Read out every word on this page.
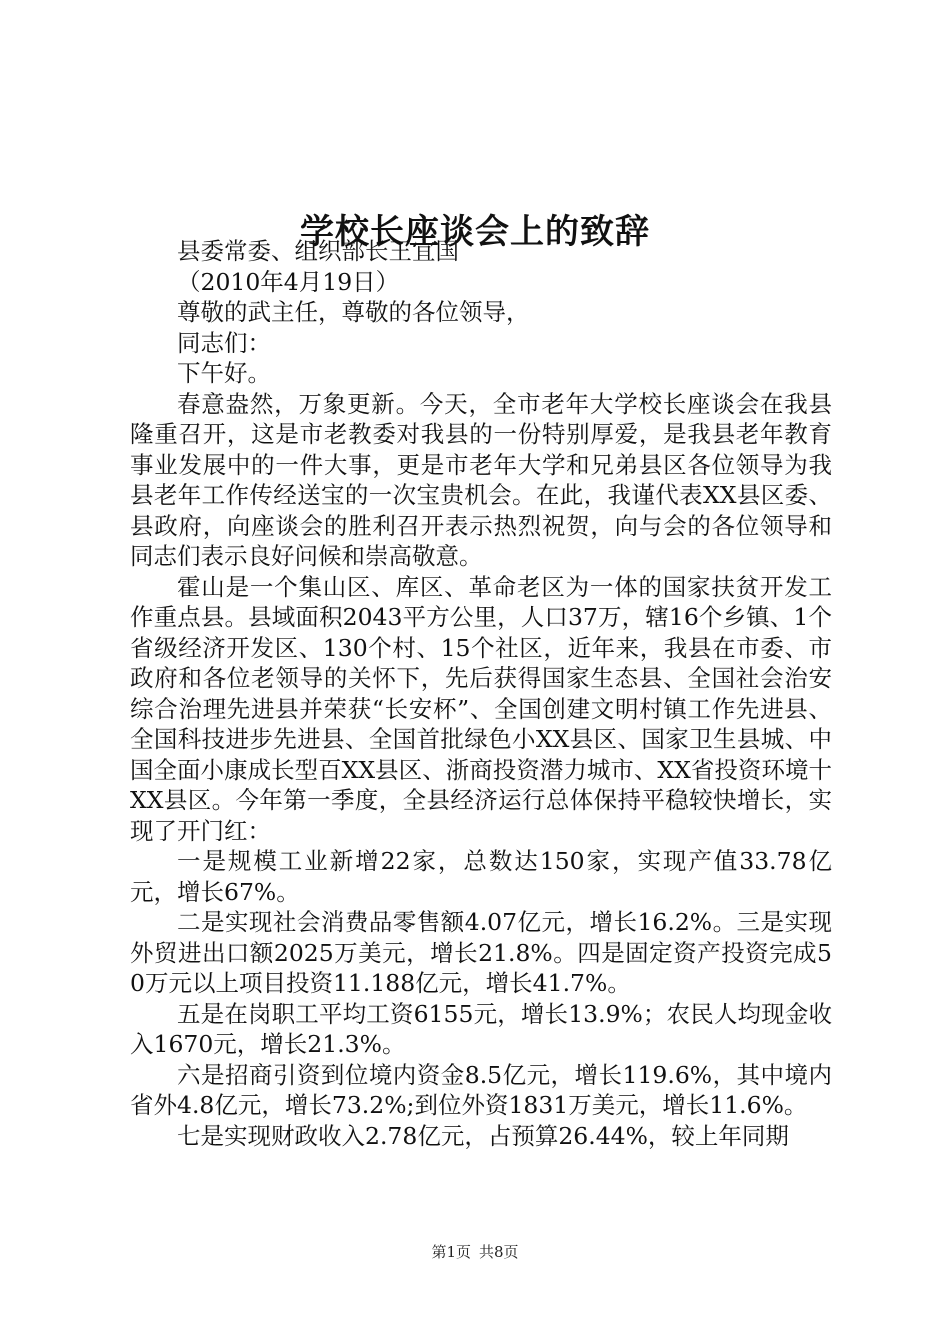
学校长座谈会上的致辞

县委常委、组织部长王宜国

（2010年4月19日）

尊敬的武主任，尊敬的各位领导，

同志们：

下午好。

春意盎然，万象更新。今天，全市老年大学校长座谈会在我县隆重召开，这是市老教委对我县的一份特别厚爱，是我县老年教育事业发展中的一件大事，更是市老年大学和兄弟县区各位领导为我县老年工作传经送宝的一次宝贵机会。在此，我谨代表XX县区委、县政府，向座谈会的胜利召开表示热烈祝贺，向与会的各位领导和同志们表示良好问候和崇高敬意。

霍山是一个集山区、库区、革命老区为一体的国家扶贫开发工作重点县。县域面积2043平方公里，人口37万，辖16个乡镇、1个省级经济开发区、130个村、15个社区，近年来，我县在市委、市政府和各位老领导的关怀下，先后获得国家生态县、全国社会治安综合治理先进县并荣获“长安杯”、全国创建文明村镇工作先进县、全国科技进步先进县、全国首批绿色小XX县区、国家卫生县城、中国全面小康成长型百XX县区、浙商投资潜力城市、XX省投资环境十XX县区。今年第一季度，全县经济运行总体保持平稳较快增长，实现了开门红：

一是规模工业新增22家，总数达150家，实现产值33.78亿元，增长67%。

二是实现社会消费品零售额4.07亿元，增长16.2%。三是实现外贸进出口额2025万美元，增长21.8%。四是固定资产投资完成50万元以上项目投资11.188亿元，增长41.7%。

五是在岗职工平均工资6155元，增长13.9%；农民人均现金收入1670元，增长21.3%。

六是招商引资到位境内资金8.5亿元，增长119.6%，其中境内省外4.8亿元，增长73.2%;到位外资1831万美元，增长11.6%。

七是实现财政收入2.78亿元，占预算26.44%，较上年同期

第1页 共8页
